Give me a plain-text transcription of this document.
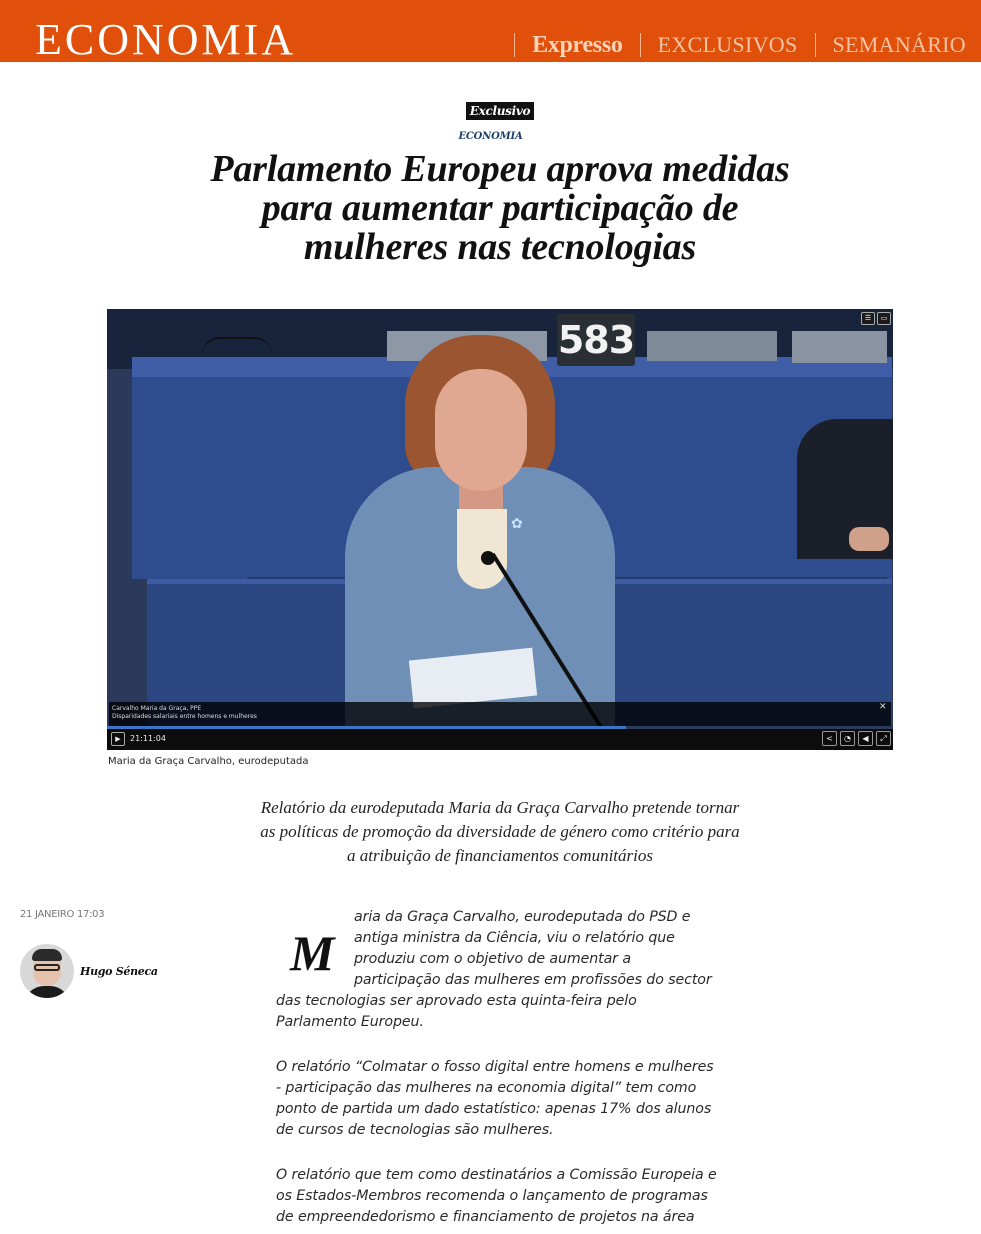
ECONOMIA	Expresso EXCLUSIVOS SEMANÁRIO
Exclusivo
ECONOMIA
Parlamento Europeu aprova medidas
para aumentar participação de
mulheres nas tecnologias
583
✿
☰	▭
Carvalho Maria da Graça, PPE
Disparidades salariais entre homens e mulheres
✕
▶	21:11:04	<	◔	◀	⤢
Maria da Graça Carvalho, eurodeputada
Relatório da eurodeputada Maria da Graça Carvalho pretende tornar
as políticas de promoção da diversidade de género como critério para
a atribuição de financiamentos comunitários
21 JANEIRO 17:03
Hugo Séneca	M

aria da Graça Carvalho, eurodeputada do PSD e
antiga ministra da Ciência, viu o relatório que
produziu com o objetivo de aumentar a
participação das mulheres em profissões do sector

das tecnologias ser aprovado esta quinta-feira pelo
Parlamento Europeu.

O relatório “Colmatar o fosso digital entre homens e mulheres
- participação das mulheres na economia digital” tem como
ponto de partida um dado estatístico: apenas 17% dos alunos
de cursos de tecnologias são mulheres.

O relatório que tem como destinatários a Comissão Europeia e
os Estados-Membros recomenda o lançamento de programas
de empreendedorismo e financiamento de projetos na área
